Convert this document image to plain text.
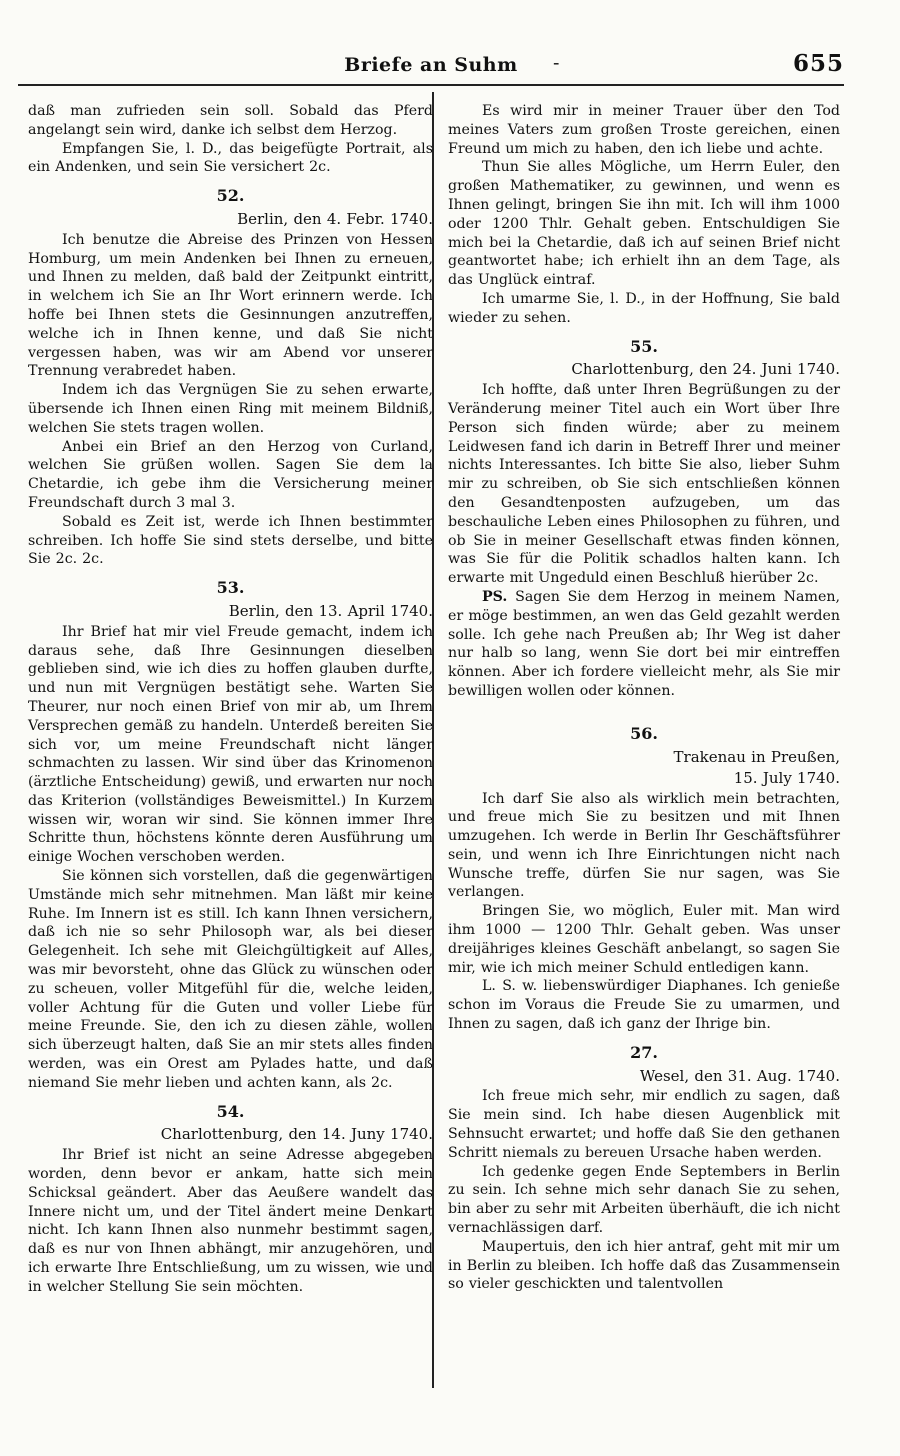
Briefe an Suhm	-	655

daß man zufrieden sein soll. Sobald das Pferd angelangt sein wird, danke ich selbst dem Herzog.

Empfangen Sie, l. D., das beigefügte Portrait, als ein Andenken, und sein Sie versichert 2c.

52.
Berlin, den 4. Febr. 1740.

Ich benutze die Abreise des Prinzen von Hessen Homburg, um mein Andenken bei Ihnen zu erneuen, und Ihnen zu melden, daß bald der Zeitpunkt eintritt, in welchem ich Sie an Ihr Wort erinnern werde. Ich hoffe bei Ihnen stets die Gesinnungen anzutreffen, welche ich in Ihnen kenne, und daß Sie nicht vergessen haben, was wir am Abend vor unserer Trennung verabredet haben.

Indem ich das Vergnügen Sie zu sehen erwarte, übersende ich Ihnen einen Ring mit meinem Bildniß, welchen Sie stets tragen wollen.

Anbei ein Brief an den Herzog von Curland, welchen Sie grüßen wollen. Sagen Sie dem la Chetardie, ich gebe ihm die Versicherung meiner Freundschaft durch 3 mal 3.

Sobald es Zeit ist, werde ich Ihnen bestimmter schreiben. Ich hoffe Sie sind stets derselbe, und bitte Sie 2c. 2c.

53.
Berlin, den 13. April 1740.

Ihr Brief hat mir viel Freude gemacht, indem ich daraus sehe, daß Ihre Gesinnungen dieselben geblieben sind, wie ich dies zu hoffen glauben durfte, und nun mit Vergnügen bestätigt sehe. Warten Sie Theurer, nur noch einen Brief von mir ab, um Ihrem Versprechen gemäß zu handeln. Unterdeß bereiten Sie sich vor, um meine Freundschaft nicht länger schmachten zu lassen. Wir sind über das Krinomenon (ärztliche Entscheidung) gewiß, und erwarten nur noch das Kriterion (vollständiges Beweismittel.) In Kurzem wissen wir, woran wir sind. Sie können immer Ihre Schritte thun, höchstens könnte deren Ausführung um einige Wochen verschoben werden.

Sie können sich vorstellen, daß die gegenwärtigen Umstände mich sehr mitnehmen. Man läßt mir keine Ruhe. Im Innern ist es still. Ich kann Ihnen versichern, daß ich nie so sehr Philosoph war, als bei dieser Gelegenheit. Ich sehe mit Gleichgültigkeit auf Alles, was mir bevorsteht, ohne das Glück zu wünschen oder zu scheuen, voller Mitgefühl für die, welche leiden, voller Achtung für die Guten und voller Liebe für meine Freunde. Sie, den ich zu diesen zähle, wollen sich überzeugt halten, daß Sie an mir stets alles finden werden, was ein Orest am Pylades hatte, und daß niemand Sie mehr lieben und achten kann, als 2c.

54.
Charlottenburg, den 14. Juny 1740.

Ihr Brief ist nicht an seine Adresse abgegeben worden, denn bevor er ankam, hatte sich mein Schicksal geändert. Aber das Aeußere wandelt das Innere nicht um, und der Titel ändert meine Denkart nicht. Ich kann Ihnen also nunmehr bestimmt sagen, daß es nur von Ihnen abhängt, mir anzugehören, und ich erwarte Ihre Entschließung, um zu wissen, wie und in welcher Stellung Sie sein möchten.

Es wird mir in meiner Trauer über den Tod meines Vaters zum großen Troste gereichen, einen Freund um mich zu haben, den ich liebe und achte.

Thun Sie alles Mögliche, um Herrn Euler, den großen Mathematiker, zu gewinnen, und wenn es Ihnen gelingt, bringen Sie ihn mit. Ich will ihm 1000 oder 1200 Thlr. Gehalt geben. Entschuldigen Sie mich bei la Chetardie, daß ich auf seinen Brief nicht geantwortet habe; ich erhielt ihn an dem Tage, als das Unglück eintraf.

Ich umarme Sie, l. D., in der Hoffnung, Sie bald wieder zu sehen.

55.
Charlottenburg, den 24. Juni 1740.

Ich hoffte, daß unter Ihren Begrüßungen zu der Veränderung meiner Titel auch ein Wort über Ihre Person sich finden würde; aber zu meinem Leidwesen fand ich darin in Betreff Ihrer und meiner nichts Interessantes. Ich bitte Sie also, lieber Suhm mir zu schreiben, ob Sie sich entschließen können den Gesandtenposten aufzugeben, um das beschauliche Leben eines Philosophen zu führen, und ob Sie in meiner Gesellschaft etwas finden können, was Sie für die Politik schadlos halten kann. Ich erwarte mit Ungeduld einen Beschluß hierüber 2c.

PS. Sagen Sie dem Herzog in meinem Namen, er möge bestimmen, an wen das Geld gezahlt werden solle. Ich gehe nach Preußen ab; Ihr Weg ist daher nur halb so lang, wenn Sie dort bei mir eintreffen können. Aber ich fordere vielleicht mehr, als Sie mir bewilligen wollen oder können.

56.
Trakenau in Preußen,
15. July 1740.

Ich darf Sie also als wirklich mein betrachten, und freue mich Sie zu besitzen und mit Ihnen umzugehen. Ich werde in Berlin Ihr Geschäftsführer sein, und wenn ich Ihre Einrichtungen nicht nach Wunsche treffe, dürfen Sie nur sagen, was Sie verlangen.

Bringen Sie, wo möglich, Euler mit. Man wird ihm 1000 — 1200 Thlr. Gehalt geben. Was unser dreijähriges kleines Geschäft anbelangt, so sagen Sie mir, wie ich mich meiner Schuld entledigen kann.

L. S. w. liebenswürdiger Diaphanes. Ich genieße schon im Voraus die Freude Sie zu umarmen, und Ihnen zu sagen, daß ich ganz der Ihrige bin.

27.
Wesel, den 31. Aug. 1740.

Ich freue mich sehr, mir endlich zu sagen, daß Sie mein sind. Ich habe diesen Augenblick mit Sehnsucht erwartet; und hoffe daß Sie den gethanen Schritt niemals zu bereuen Ursache haben werden.

Ich gedenke gegen Ende Septembers in Berlin zu sein. Ich sehne mich sehr danach Sie zu sehen, bin aber zu sehr mit Arbeiten überhäuft, die ich nicht vernachlässigen darf.

Maupertuis, den ich hier antraf, geht mit mir um in Berlin zu bleiben. Ich hoffe daß das Zusammensein so vieler geschickten und talentvollen
